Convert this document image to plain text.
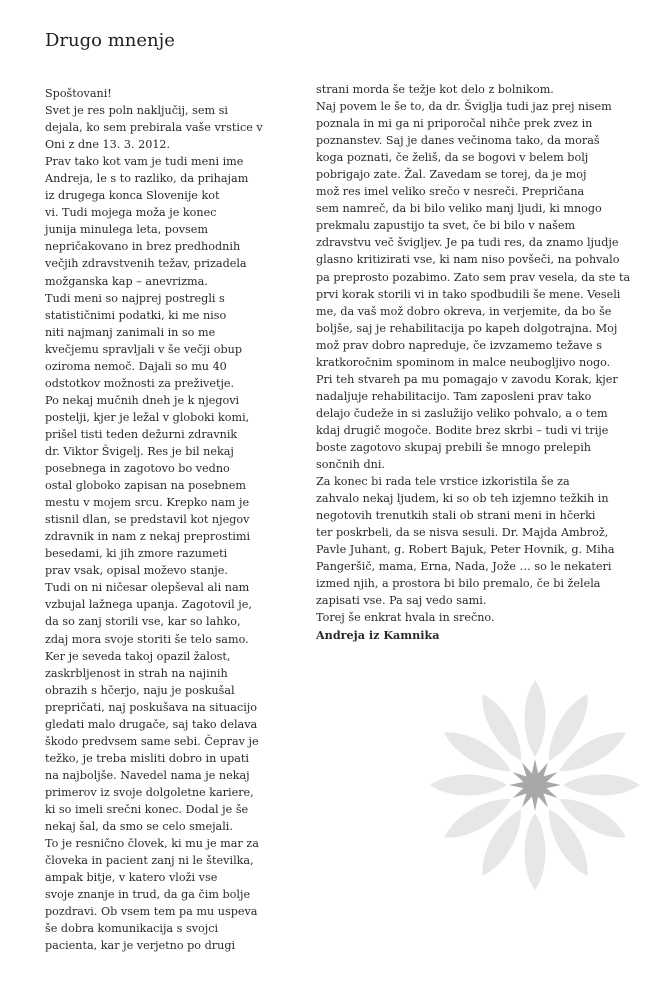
Drugo mnenje
Spoštovani!
Svet je res poln naključij, sem si
dejala, ko sem prebirala vaše vrstice v
Oni z dne 13. 3. 2012.
Prav tako kot vam je tudi meni ime
Andreja, le s to razliko, da prihajam
iz drugega konca Slovenije kot
vi. Tudi mojega moža je konec
junija minulega leta, povsem
nepričakovano in brez predhodnih
večjih zdravstvenih težav, prizadela
možganska kap – anevrizma.
Tudi meni so najprej postregli s
statističnimi podatki, ki me niso
niti najmanj zanimali in so me
kvečjemu spravljali v še večji obup
oziroma nemoč. Dajali so mu 40
odstotkov možnosti za preživetje.
Po nekaj mučnih dneh je k njegovi
postelji, kjer je ležal v globoki komi,
prišel tisti teden dežurni zdravnik
dr. Viktor Švigelj. Res je bil nekaj
posebnega in zagotovo bo vedno
ostal globoko zapisan na posebnem
mestu v mojem srcu. Krepko nam je
stisnil dlan, se predstavil kot njegov
zdravnik in nam z nekaj preprostimi
besedami, ki jih zmore razumeti
prav vsak, opisal moževo stanje.
Tudi on ni ničesar olepševal ali nam
vzbujal lažnega upanja. Zagotovil je,
da so zanj storili vse, kar so lahko,
zdaj mora svoje storiti še telo samo.
Ker je seveda takoj opazil žalost,
zaskrbljenost in strah na najinih
obrazih s hčerjo, naju je poskušal
prepričati, naj poskušava na situacijo
gledati malo drugače, saj tako delava
škodo predvsem same sebi. Čeprav je
težko, je treba misliti dobro in upati
na najboljše. Navedel nama je nekaj
primerov iz svoje dolgoletne kariere,
ki so imeli srečni konec. Dodal je še
nekaj šal, da smo se celo smejali.
To je resnično človek, ki mu je mar za
človeka in pacient zanj ni le številka,
ampak bitje, v katero vloži vse
svoje znanje in trud, da ga čim bolje
pozdravi. Ob vsem tem pa mu uspeva
še dobra komunikacija s svojci
pacienta, kar je verjetno po drugi
strani morda še težje kot delo z bolnikom.
Naj povem le še to, da dr. Šviglja tudi jaz prej nisem
poznala in mi ga ni priporočal nihče prek zvez in
poznanstev. Saj je danes večinoma tako, da moraš
koga poznati, če želiš, da se bogovi v belem bolj
pobrigajo zate. Žal. Zavedam se torej, da je moj
mož res imel veliko srečo v nesreči. Prepričana
sem namreč, da bi bilo veliko manj ljudi, ki mnogo
prekmalu zapustijo ta svet, če bi bilo v našem
zdravstvu več švigljev. Je pa tudi res, da znamo ljudje
glasno kritizirati vse, ki nam niso povšeči, na pohvalo
pa preprosto pozabimo. Zato sem prav vesela, da ste ta
prvi korak storili vi in tako spodbudili še mene. Veseli
me, da vaš mož dobro okreva, in verjemite, da bo še
boljše, saj je rehabilitacija po kapeh dolgotrajna. Moj
mož prav dobro napreduje, če izvzamemo težave s
kratkoročnim spominom in malce neubogljivo nogo.
Pri teh stvareh pa mu pomagajo v zavodu Korak, kjer
nadaljuje rehabilitacijo. Tam zaposleni prav tako
delajo čudeže in si zaslužijo veliko pohvalo, a o tem
kdaj drugič mogoče. Bodite brez skrbi – tudi vi trije
boste zagotovo skupaj prebili še mnogo prelepih
sončnih dni.
Za konec bi rada tele vrstice izkoristila še za
zahvalo nekaj ljudem, ki so ob teh izjemno težkih in
negotovih trenutkih stali ob strani meni in hčerki
ter poskrbeli, da se nisva sesuli. Dr. Majda Ambrož,
Pavle Juhant, g. Robert Bajuk, Peter Hovnik, g. Miha
Pangeršič, mama, Erna, Nada, Jože … so le nekateri
izmed njih, a prostora bi bilo premalo, če bi želela
zapisati vse. Pa saj vedo sami.
Torej še enkrat hvala in srečno.
Andreja iz Kamnika
